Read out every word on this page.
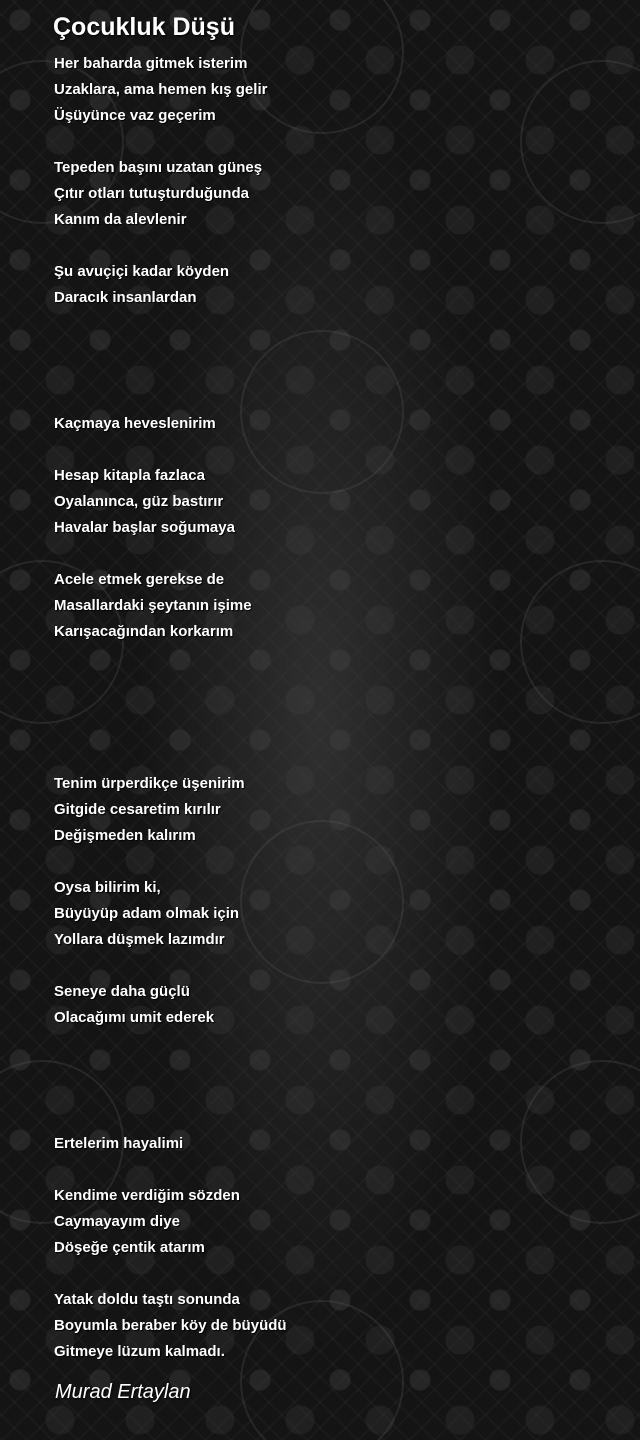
Çocukluk Düşü

Her baharda gitmek isterim

Uzaklara, ama hemen kış gelir

Üşüyünce vaz geçerim

Tepeden başını uzatan güneş

Çıtır otları tutuşturduğunda

Kanım da alevlenir

Şu avuçiçi kadar köyden

Daracık insanlardan

Kaçmaya heveslenirim

Hesap kitapla fazlaca

Oyalanınca, güz bastırır

Havalar başlar soğumaya

Acele etmek gerekse de

Masallardaki şeytanın işime

Karışacağından korkarım

Tenim ürperdikçe üşenirim

Gitgide cesaretim kırılır

Değişmeden kalırım

Oysa bilirim ki,

Büyüyüp adam olmak için

Yollara düşmek lazımdır

Seneye daha güçlü

Olacağımı umit ederek

Ertelerim hayalimi

Kendime verdiğim sözden

Caymayayım diye

Döşeğe çentik atarım

Yatak doldu taştı sonunda

Boyumla beraber köy de büyüdü

Gitmeye lüzum kalmadı.

Murad Ertaylan
